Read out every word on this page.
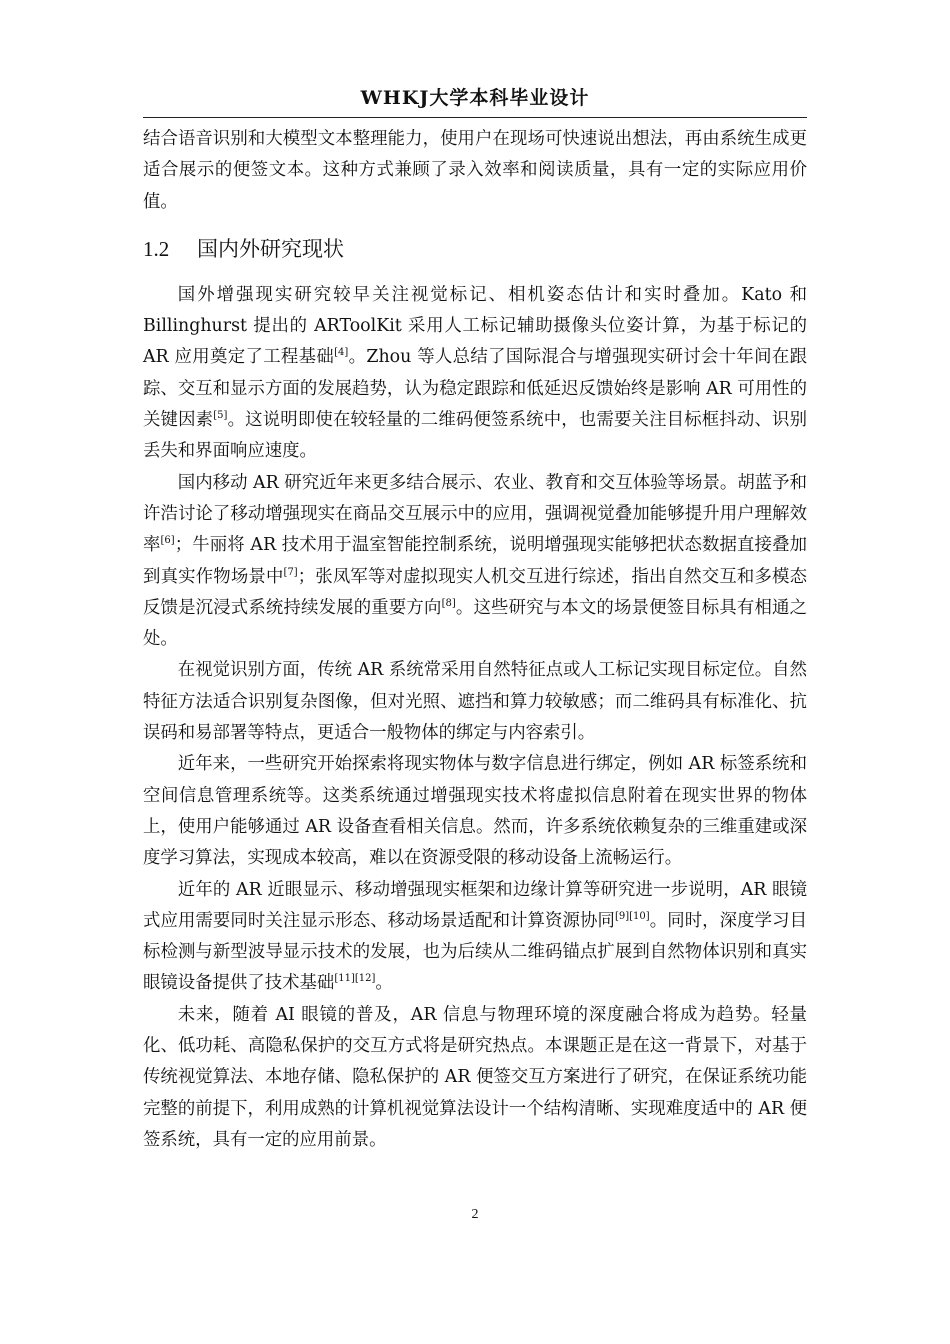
WHKJ大学本科毕业设计

结合语音识别和大模型文本整理能力，使用户在现场可快速说出想法，再由系统生成更适合展示的便签文本。这种方式兼顾了录入效率和阅读质量，具有一定的实际应用价值。

1.2	国内外研究现状

国外增强现实研究较早关注视觉标记、相机姿态估计和实时叠加。Kato 和 Billinghurst 提出的 ARToolKit 采用人工标记辅助摄像头位姿计算，为基于标记的 AR 应用奠定了工程基础[4]。Zhou 等人总结了国际混合与增强现实研讨会十年间在跟踪、交互和显示方面的发展趋势，认为稳定跟踪和低延迟反馈始终是影响 AR 可用性的关键因素[5]。这说明即使在较轻量的二维码便签系统中，也需要关注目标框抖动、识别丢失和界面响应速度。

国内移动 AR 研究近年来更多结合展示、农业、教育和交互体验等场景。胡蓝予和许浩讨论了移动增强现实在商品交互展示中的应用，强调视觉叠加能够提升用户理解效率[6]；牛丽将 AR 技术用于温室智能控制系统，说明增强现实能够把状态数据直接叠加到真实作物场景中[7]；张凤军等对虚拟现实人机交互进行综述，指出自然交互和多模态反馈是沉浸式系统持续发展的重要方向[8]。这些研究与本文的场景便签目标具有相通之处。

在视觉识别方面，传统 AR 系统常采用自然特征点或人工标记实现目标定位。自然特征方法适合识别复杂图像，但对光照、遮挡和算力较敏感；而二维码具有标准化、抗误码和易部署等特点，更适合一般物体的绑定与内容索引。

近年来，一些研究开始探索将现实物体与数字信息进行绑定，例如 AR 标签系统和空间信息管理系统等。这类系统通过增强现实技术将虚拟信息附着在现实世界的物体上，使用户能够通过 AR 设备查看相关信息。然而，许多系统依赖复杂的三维重建或深度学习算法，实现成本较高，难以在资源受限的移动设备上流畅运行。

近年的 AR 近眼显示、移动增强现实框架和边缘计算等研究进一步说明，AR 眼镜式应用需要同时关注显示形态、移动场景适配和计算资源协同[9][10]。同时，深度学习目标检测与新型波导显示技术的发展，也为后续从二维码锚点扩展到自然物体识别和真实眼镜设备提供了技术基础[11][12]。

未来，随着 AI 眼镜的普及，AR 信息与物理环境的深度融合将成为趋势。轻量化、低功耗、高隐私保护的交互方式将是研究热点。本课题正是在这一背景下，对基于传统视觉算法、本地存储、隐私保护的 AR 便签交互方案进行了研究，在保证系统功能完整的前提下，利用成熟的计算机视觉算法设计一个结构清晰、实现难度适中的 AR 便签系统，具有一定的应用前景。

2
